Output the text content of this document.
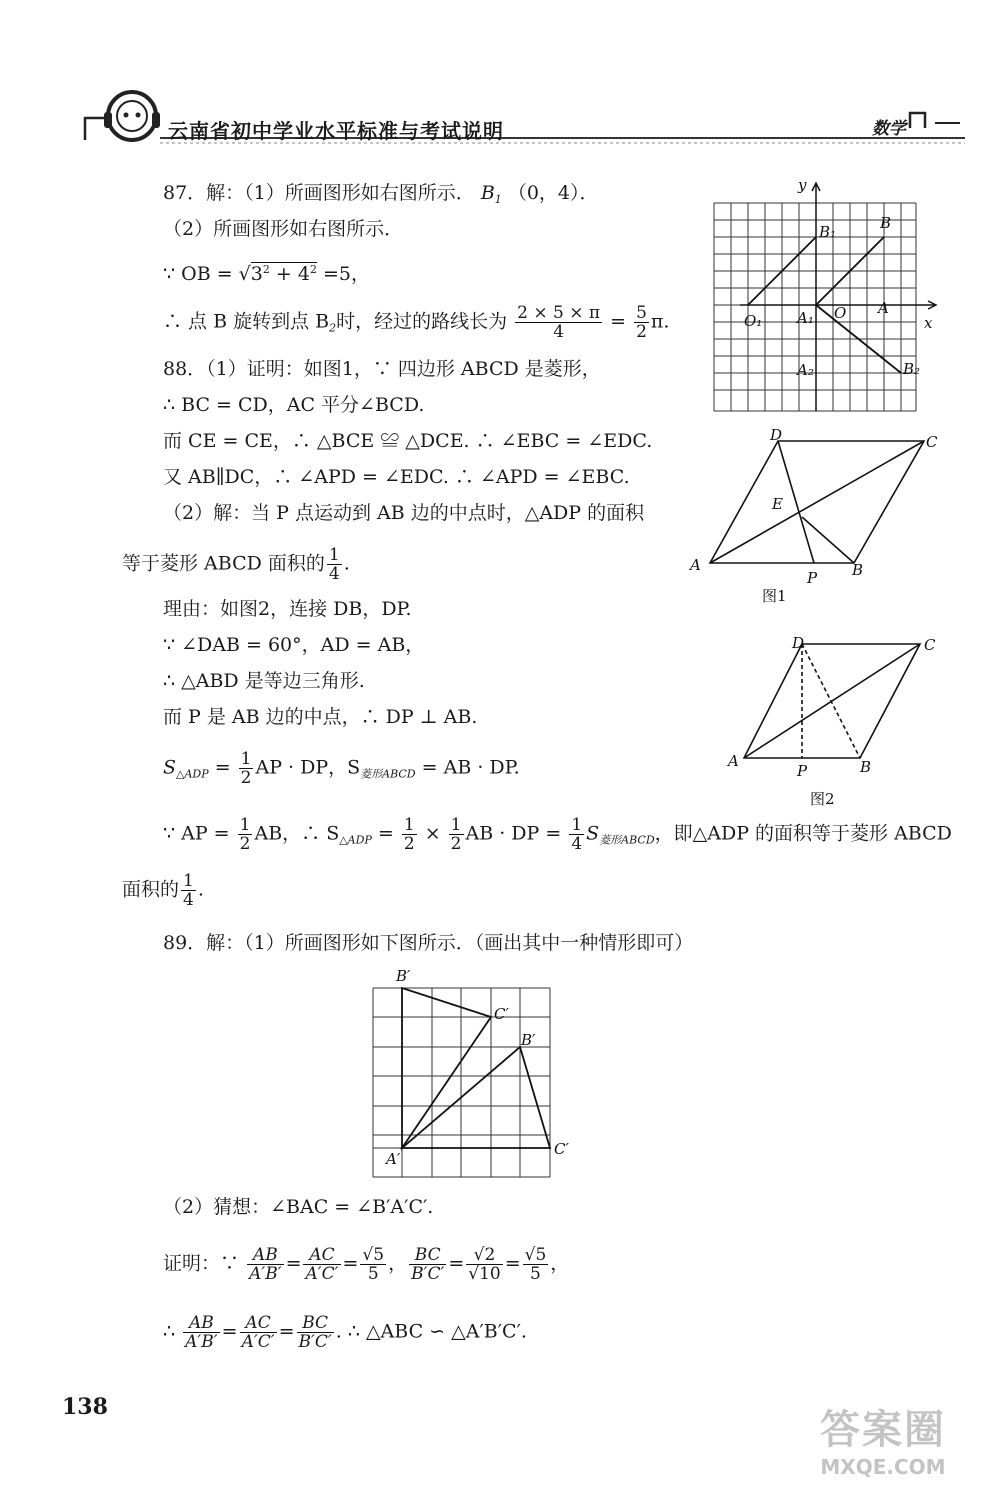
云南省初中学业水平标准与考试说明	数学
87．解：（1）所画图形如右图所示． $B_1$ （0，4）．
（2）所画图形如右图所示．
∵ OB = $√3^2 + 4^2 =5$，
∴ 点 B 旋转到点 $B_2$时，经过的路线长为 $\frac{2 \times 5 \times \pi}{4} = \frac{5}{2} \pi$.
88．（1）证明：如图1，∵ 四边形 ABCD 是菱形，
∴ BC = CD，AC 平分∠BCD.
而 CE = CE，∴ △BCE ≌ △DCE. ∴ ∠EBC = ∠EDC.
又 AB∥DC，∴ ∠APD = ∠EDC. ∴ ∠APD = ∠EBC.
（2）解：当 P 点运动到 AB 边的中点时，△ADP 的面积
等于菱形 ABCD 面积的 $\frac{1}{4}$ .
理由：如图2，连接 DB，DP.
∵ ∠DAB = 60°，AD = AB，
∴ △ABD 是等边三角形.
而 P 是 AB 边的中点，∴ DP ⊥ AB.
$S_{\triangle ADP} = \frac{1}{2}$ AP · DP，$S_{菱形ABCD}$ = AB · DP.
∵ AP = $\frac{1}{2}$ AB，∴ $S_{\triangle ADP} = \frac{1}{2} \times \frac{1}{2}$ AB · DP = $\frac{1}{4} S_{菱形ABCD}$，即△ADP 的面积等于菱形 ABCD
面积的 $\frac{1}{4}$ .
89．解：（1）所画图形如下图所示．（画出其中一种情形即可）
（2）猜想：∠BAC = ∠B′A′C′.
证明：∵ $\frac{AB}{A'B'} = \frac{AC}{A'C'} = \frac{√5}{5}$ ， $\frac{BC}{B'C'} = \frac{√2}{√10} = \frac{√5}{5}$ ，
∴ $\frac{AB}{A'B'} = \frac{AC}{A'C'} = \frac{BC}{B'C'}$ . ∴ △ABC ∽ △A′B′C′.
138
y
x
B₁	B
O₁ A₁ O A
A₂	B₂
D	C
E
A
P B
图1
D	C
A
P	B
图2
B′
C′
B′
A′
C′
答案圈
MXQE.COM
